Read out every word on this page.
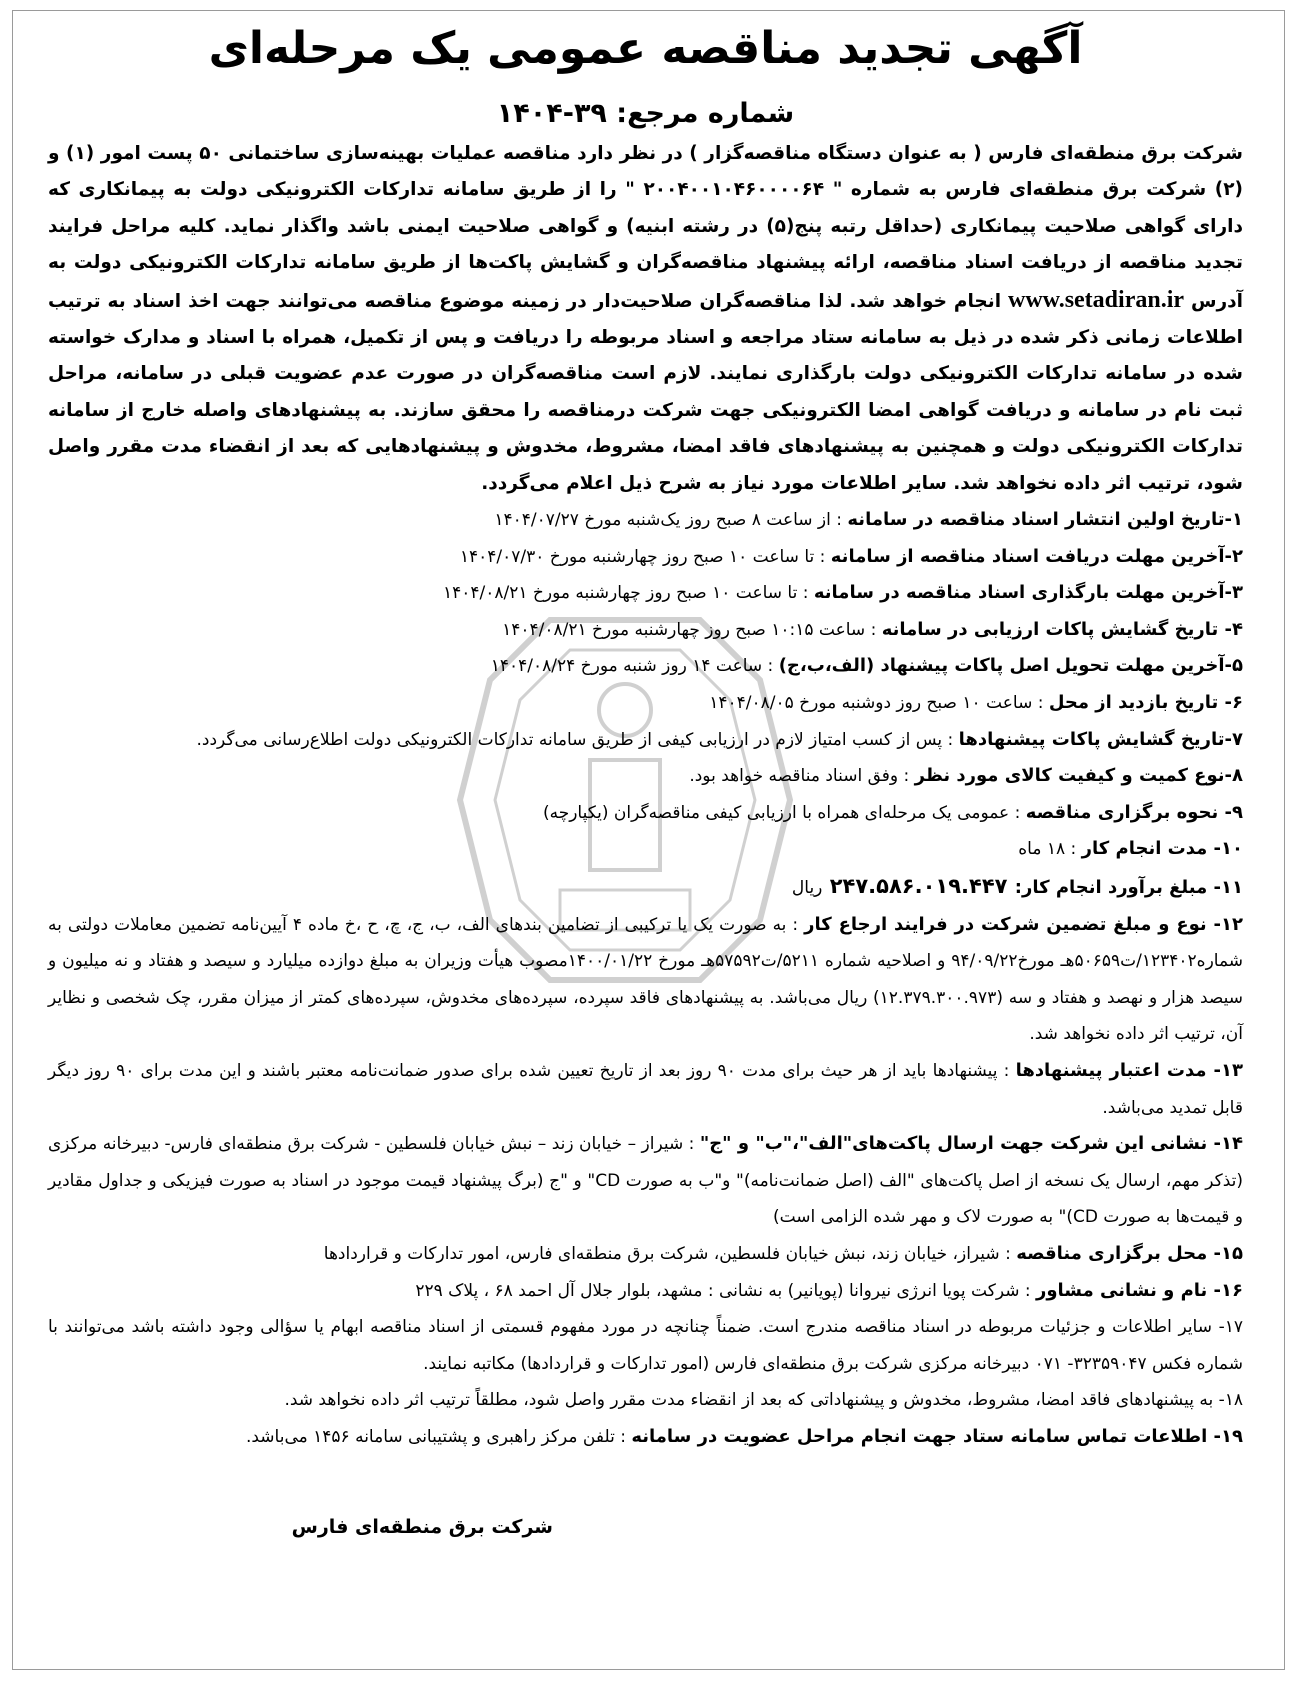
آگهی تجدید مناقصه عمومی یک مرحله‌ای
شماره مرجع: ۳۹-۱۴۰۴

شرکت برق منطقه‌ای فارس ( به عنوان دستگاه مناقصه‌گزار ) در نظر دارد مناقصه عملیات بهینه‌سازی ساختمانی ۵۰ پست امور (۱) و (۲) شرکت برق منطقه‌ای فارس به شماره " ۲۰۰۴۰۰۱۰۴۶۰۰۰۰۶۴ " را از طریق سامانه تدارکات الکترونیکی دولت به پیمانکاری که دارای گواهی صلاحیت پیمانکاری (حداقل رتبه پنج(۵) در رشته ابنیه) و گواهی صلاحیت ایمنی باشد واگذار نماید. کلیه مراحل فرایند تجدید مناقصه از دریافت اسناد مناقصه، ارائه پیشنهاد مناقصه‌گران و گشایش پاکت‌ها از طریق سامانه تدارکات الکترونیکی دولت به آدرس www.setadiran.ir انجام خواهد شد. لذا مناقصه‌گران صلاحیت‌دار در زمینه موضوع مناقصه می‌توانند جهت اخذ اسناد به ترتیب اطلاعات زمانی ذکر شده در ذیل به سامانه ستاد مراجعه و اسناد مربوطه را دریافت و پس از تکمیل، همراه با اسناد و مدارک خواسته شده در سامانه تدارکات الکترونیکی دولت بارگذاری نمایند. لازم است مناقصه‌گران در صورت عدم عضویت قبلی در سامانه، مراحل ثبت نام در سامانه و دریافت گواهی امضا الکترونیکی جهت شرکت درمناقصه را محقق سازند. به پیشنهادهای واصله خارج از سامانه تدارکات الکترونیکی دولت و همچنین به پیشنهادهای فاقد امضا، مشروط، مخدوش و پیشنهادهایی که بعد از انقضاء مدت مقرر واصل شود، ترتیب اثر داده نخواهد شد. سایر اطلاعات مورد نیاز به شرح ذیل اعلام می‌گردد.

۱-تاریخ اولین انتشار اسناد مناقصه در سامانه : از ساعت ۸ صبح روز یک‌شنبه مورخ ۱۴۰۴/۰۷/۲۷

۲-آخرین مهلت دریافت اسناد مناقصه از سامانه : تا ساعت ۱۰ صبح روز چهارشنبه مورخ ۱۴۰۴/۰۷/۳۰

۳-آخرین مهلت بارگذاری اسناد مناقصه در سامانه : تا ساعت ۱۰ صبح روز چهارشنبه مورخ ۱۴۰۴/۰۸/۲۱

۴- تاریخ گشایش پاکات ارزیابی در سامانه : ساعت ۱۰:۱۵ صبح روز چهارشنبه مورخ ۱۴۰۴/۰۸/۲۱

۵-آخرین مهلت تحویل اصل پاکات پیشنهاد (الف،ب،ج) : ساعت ۱۴ روز شنبه مورخ ۱۴۰۴/۰۸/۲۴

۶- تاریخ بازدید از محل : ساعت ۱۰ صبح روز دوشنبه مورخ ۱۴۰۴/۰۸/۰۵

۷-تاریخ گشایش پاکات پیشنهادها : پس از کسب امتیاز لازم در ارزیابی کیفی از طریق سامانه تدارکات الکترونیکی دولت اطلاع‌رسانی می‌گردد.

۸-نوع کمیت و کیفیت کالای مورد نظر : وفق اسناد مناقصه خواهد بود.

۹- نحوه برگزاری مناقصه : عمومی یک مرحله‌ای همراه با ارزیابی کیفی مناقصه‌گران (یکپارچه)

۱۰- مدت انجام کار : ۱۸ ماه

۱۱- مبلغ برآورد انجام کار: ۲۴۷.۵۸۶.۰۱۹.۴۴۷ ریال

۱۲- نوع و مبلغ تضمین شرکت در فرایند ارجاع کار : به صورت یک یا ترکیبی از تضامین بندهای الف، ب، ج، چ، ح ،خ ماده ۴ آیین‌نامه تضمین معاملات دولتی به شماره۱۲۳۴۰۲/ت۵۰۶۵۹هـ مورخ۹۴/۰۹/۲۲ و اصلاحیه شماره ۵۲۱۱/ت۵۷۵۹۲هـ مورخ ۱۴۰۰/۰۱/۲۲مصوب هیأت وزیران به مبلغ دوازده میلیارد و سیصد و هفتاد و نه میلیون و سیصد هزار و نهصد و هفتاد و سه (۱۲.۳۷۹.۳۰۰.۹۷۳) ریال می‌باشد. به پیشنهادهای فاقد سپرده، سپرده‌های مخدوش، سپرده‌های کمتر از میزان مقرر، چک شخصی و نظایر آن، ترتیب اثر داده نخواهد شد.

۱۳- مدت اعتبار پیشنهادها : پیشنهادها باید از هر حیث برای مدت ۹۰ روز بعد از تاریخ تعیین شده برای صدور ضمانت‌نامه معتبر باشند و این مدت برای ۹۰ روز دیگر قابل تمدید می‌باشد.

۱۴- نشانی این شرکت جهت ارسال پاکت‌های"الف"،"ب" و "ج" : شیراز – خیابان زند – نبش خیابان فلسطین - شرکت برق منطقه‌ای فارس- دبیرخانه مرکزی (تذکر مهم، ارسال یک نسخه از اصل پاکت‌های "الف (اصل ضمانت‌نامه)" و"ب به صورت CD" و "ج (برگ پیشنهاد قیمت موجود در اسناد به صورت فیزیکی و جداول مقادیر و قیمت‌ها به صورت CD)" به صورت لاک و مهر شده الزامی است)

۱۵- محل برگزاری مناقصه : شیراز، خیابان زند، نبش خیابان فلسطین، شرکت برق منطقه‌ای فارس، امور تدارکات و قراردادها

۱۶- نام و نشانی مشاور : شرکت پویا انرژی نیروانا (پویانیر) به نشانی : مشهد، بلوار جلال آل احمد ۶۸ ، پلاک ۲۲۹

۱۷- سایر اطلاعات و جزئیات مربوطه در اسناد مناقصه مندرج است. ضمناً چنانچه در مورد مفهوم قسمتی از اسناد مناقصه ابهام یا سؤالی وجود داشته باشد می‌توانند با شماره فکس ۳۲۳۵۹۰۴۷- ۰۷۱ دبیرخانه مرکزی شرکت برق منطقه‌ای فارس (امور تدارکات و قراردادها) مکاتبه نمایند.

۱۸- به پیشنهادهای فاقد امضا، مشروط، مخدوش و پیشنهاداتی که بعد از انقضاء مدت مقرر واصل شود، مطلقاً ترتیب اثر داده نخواهد شد.

۱۹- اطلاعات تماس سامانه ستاد جهت انجام مراحل عضویت در سامانه : تلفن مرکز راهبری و پشتیبانی سامانه ۱۴۵۶ می‌باشد.

شرکت برق منطقه‌ای فارس
